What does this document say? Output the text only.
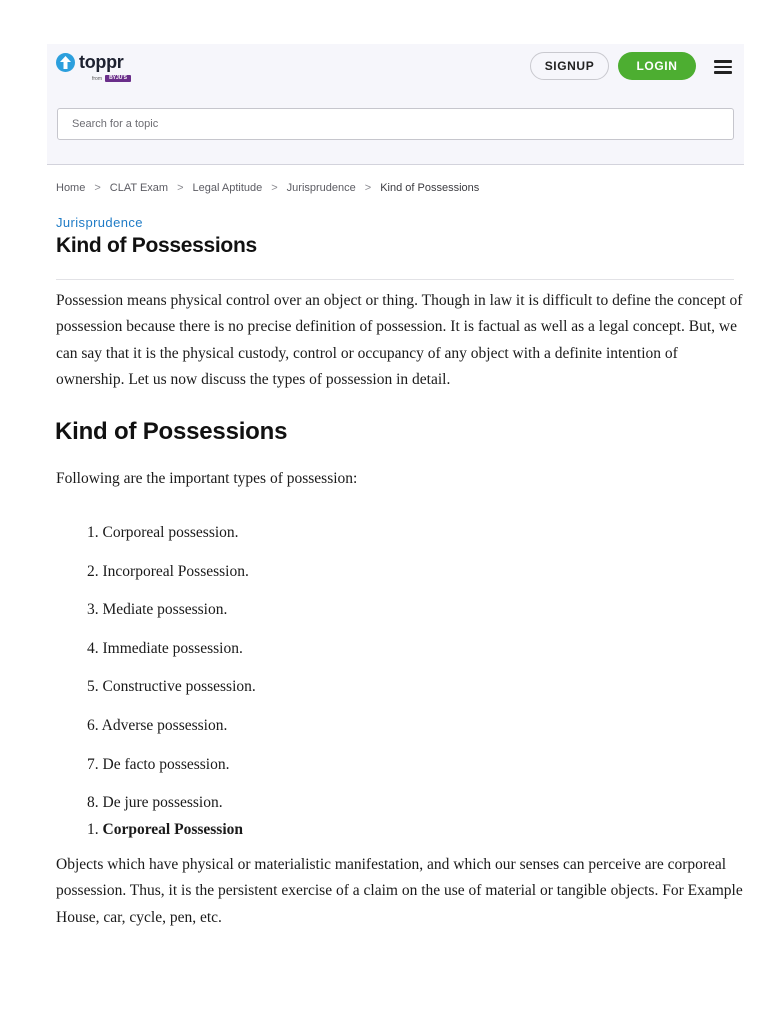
toppr
from	BYJU'S
SIGNUP	LOGIN
Search for a topic
Home > CLAT Exam > Legal Aptitude > Jurisprudence > Kind of Possessions
Jurisprudence
Kind of Possessions

Possession means physical control over an object or thing. Though in law it is difficult to define the concept of possession because there is no precise definition of possession. It is factual as well as a legal concept. But, we can say that it is the physical custody, control or occupancy of any object with a definite intention of ownership. Let us now discuss the types of possession in detail.

Kind of Possessions

Following are the important types of possession:

1. Corporeal possession.
2. Incorporeal Possession.
3. Mediate possession.
4. Immediate possession.
5. Constructive possession.
6. Adverse possession.
7. De facto possession.
8. De jure possession.
1. Corporeal Possession

Objects which have physical or materialistic manifestation, and which our senses can perceive are corporeal possession. Thus, it is the persistent exercise of a claim on the use of material or tangible objects. For Example House, car, cycle, pen, etc.
